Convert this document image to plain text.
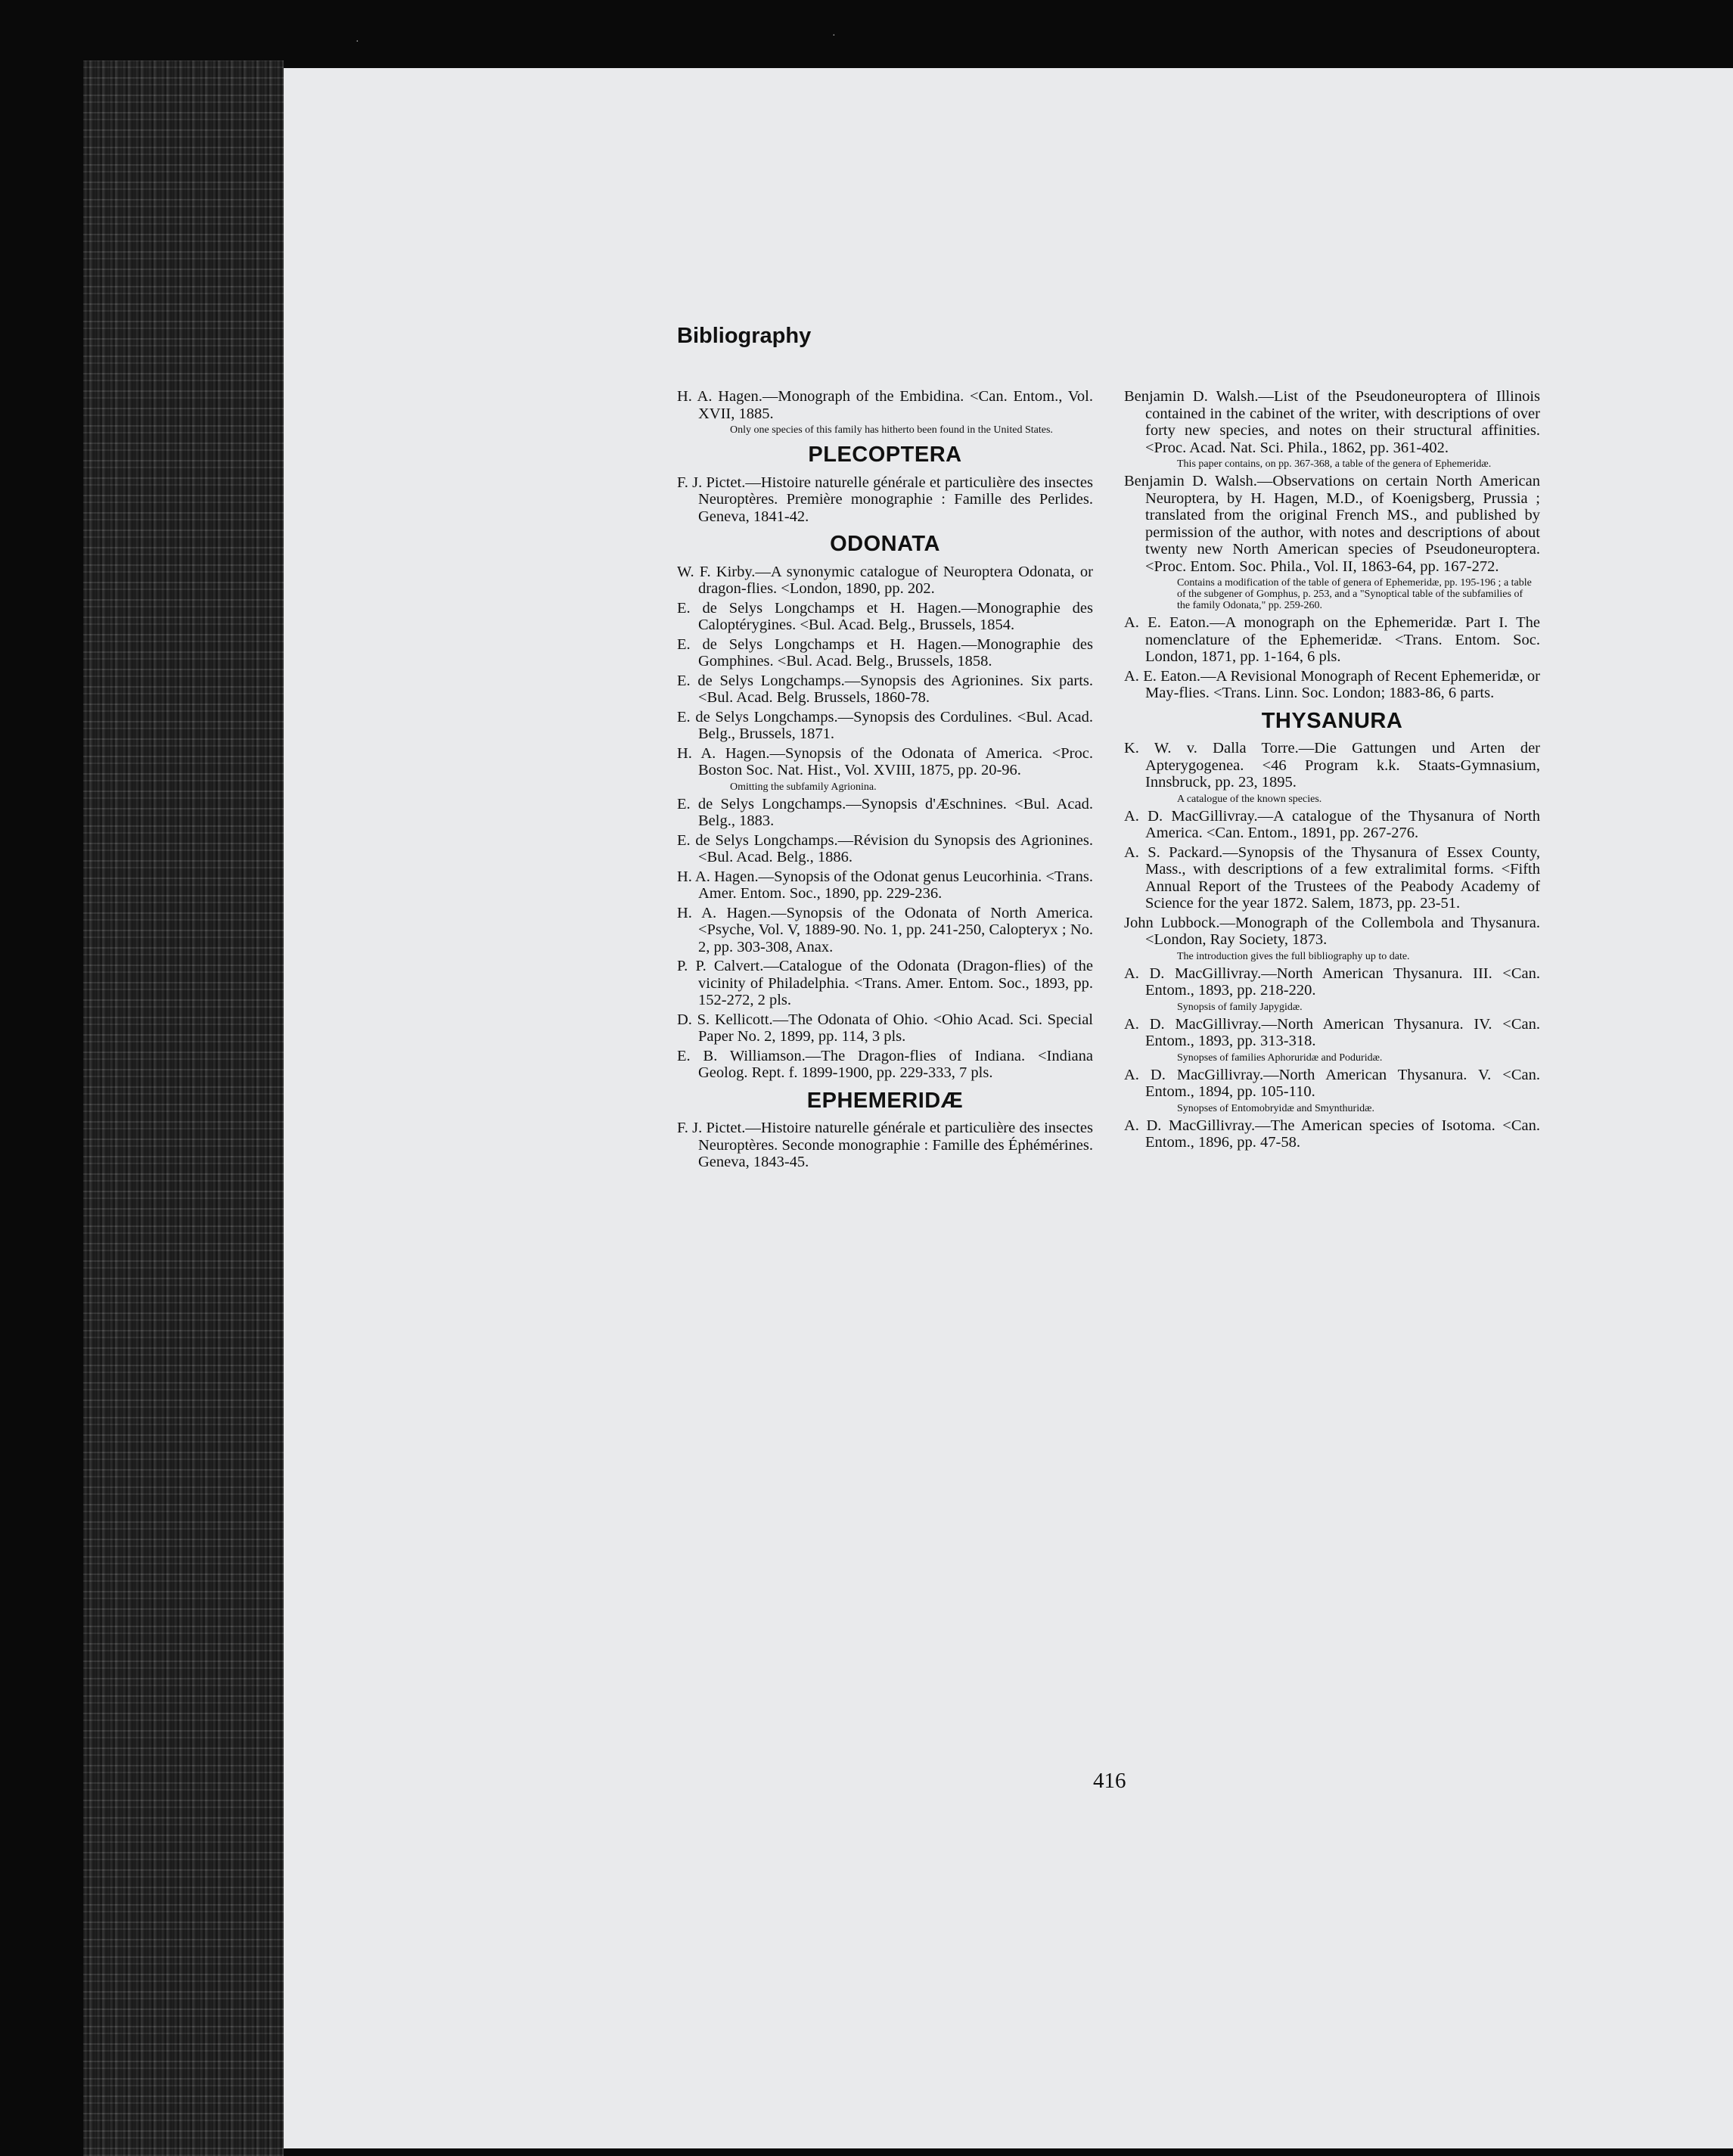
·
·
Bibliography
H. A. Hagen.—Monograph of the Embidina. <Can. Entom., Vol. XVII, 1885.
Only one species of this family has hitherto been found in the United States.
PLECOPTERA
F. J. Pictet.—Histoire naturelle générale et particulière des insectes Neuroptères. Première monographie : Famille des Perlides. Geneva, 1841-42.
ODONATA
W. F. Kirby.—A synonymic catalogue of Neuroptera Odonata, or dragon-flies. <London, 1890, pp. 202.
E. de Selys Longchamps et H. Hagen.—Monographie des Caloptérygines. <Bul. Acad. Belg., Brussels, 1854.
E. de Selys Longchamps et H. Hagen.—Monographie des Gomphines. <Bul. Acad. Belg., Brussels, 1858.
E. de Selys Longchamps.—Synopsis des Agrionines. Six parts. <Bul. Acad. Belg. Brussels, 1860-78.
E. de Selys Longchamps.—Synopsis des Cordulines. <Bul. Acad. Belg., Brussels, 1871.
H. A. Hagen.—Synopsis of the Odonata of America. <Proc. Boston Soc. Nat. Hist., Vol. XVIII, 1875, pp. 20-96.
Omitting the subfamily Agrionina.
E. de Selys Longchamps.—Synopsis d'Æschnines. <Bul. Acad. Belg., 1883.
E. de Selys Longchamps.—Révision du Synopsis des Agrionines. <Bul. Acad. Belg., 1886.
H. A. Hagen.—Synopsis of the Odonat genus Leucorhinia. <Trans. Amer. Entom. Soc., 1890, pp. 229-236.
H. A. Hagen.—Synopsis of the Odonata of North America. <Psyche, Vol. V, 1889-90. No. 1, pp. 241-250, Calopteryx ; No. 2, pp. 303-308, Anax.
P. P. Calvert.—Catalogue of the Odonata (Dragon-flies) of the vicinity of Philadelphia. <Trans. Amer. Entom. Soc., 1893, pp. 152-272, 2 pls.
D. S. Kellicott.—The Odonata of Ohio. <Ohio Acad. Sci. Special Paper No. 2, 1899, pp. 114, 3 pls.
E. B. Williamson.—The Dragon-flies of Indiana. <Indiana Geolog. Rept. f. 1899-1900, pp. 229-333, 7 pls.
EPHEMERIDÆ
F. J. Pictet.—Histoire naturelle générale et particulière des insectes Neuroptères. Seconde monographie : Famille des Éphémérines. Geneva, 1843-45.
Benjamin D. Walsh.—List of the Pseudoneuroptera of Illinois contained in the cabinet of the writer, with descriptions of over forty new species, and notes on their structural affinities. <Proc. Acad. Nat. Sci. Phila., 1862, pp. 361-402.
This paper contains, on pp. 367-368, a table of the genera of Ephemeridæ.
Benjamin D. Walsh.—Observations on certain North American Neuroptera, by H. Hagen, M.D., of Koenigsberg, Prussia ; translated from the original French MS., and published by permission of the author, with notes and descriptions of about twenty new North American species of Pseudoneuroptera. <Proc. Entom. Soc. Phila., Vol. II, 1863-64, pp. 167-272.
Contains a modification of the table of genera of Ephemeridæ, pp. 195-196 ; a table of the subgener of Gomphus, p. 253, and a "Synoptical table of the subfamilies of the family Odonata," pp. 259-260.
A. E. Eaton.—A monograph on the Ephemeridæ. Part I. The nomenclature of the Ephemeridæ. <Trans. Entom. Soc. London, 1871, pp. 1-164, 6 pls.
A. E. Eaton.—A Revisional Monograph of Recent Ephemeridæ, or May-flies. <Trans. Linn. Soc. London; 1883-86, 6 parts.
THYSANURA
K. W. v. Dalla Torre.—Die Gattungen und Arten der Apterygogenea. <46 Program k.k. Staats-Gymnasium, Innsbruck, pp. 23, 1895.
A catalogue of the known species.
A. D. MacGillivray.—A catalogue of the Thysanura of North America. <Can. Entom., 1891, pp. 267-276.
A. S. Packard.—Synopsis of the Thysanura of Essex County, Mass., with descriptions of a few extralimital forms. <Fifth Annual Report of the Trustees of the Peabody Academy of Science for the year 1872. Salem, 1873, pp. 23-51.
John Lubbock.—Monograph of the Collembola and Thysanura. <London, Ray Society, 1873.
The introduction gives the full bibliography up to date.
A. D. MacGillivray.—North American Thysanura. III. <Can. Entom., 1893, pp. 218-220.
Synopsis of family Japygidæ.
A. D. MacGillivray.—North American Thysanura. IV. <Can. Entom., 1893, pp. 313-318.
Synopses of families Aphoruridæ and Poduridæ.
A. D. MacGillivray.—North American Thysanura. V. <Can. Entom., 1894, pp. 105-110.
Synopses of Entomobryidæ and Smynthuridæ.
A. D. MacGillivray.—The American species of Isotoma. <Can. Entom., 1896, pp. 47-58.
416
